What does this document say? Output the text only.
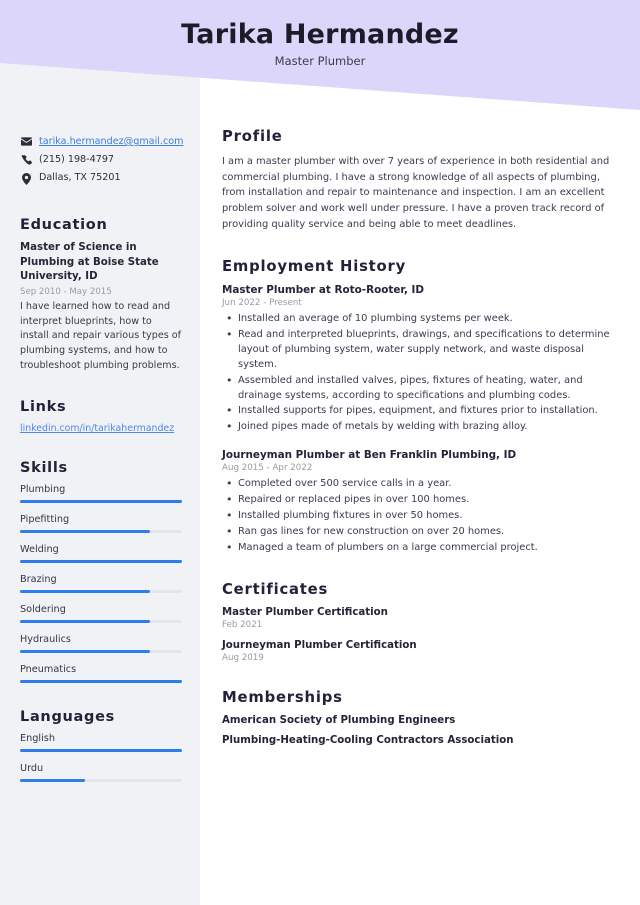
Tarika Hermandez
Master Plumber
tarika.hermandez@gmail.com
(215) 198-4797
Dallas, TX 75201
Education
Master of Science in Plumbing at Boise State University, ID
Sep 2010 - May 2015
I have learned how to read and interpret blueprints, how to install and repair various types of plumbing systems, and how to troubleshoot plumbing problems.
Links
linkedin.com/in/tarikahermandez
Skills
Plumbing
Pipefitting
Welding
Brazing
Soldering
Hydraulics
Pneumatics
Languages
English
Urdu
Profile
I am a master plumber with over 7 years of experience in both residential and commercial plumbing. I have a strong knowledge of all aspects of plumbing, from installation and repair to maintenance and inspection. I am an excellent problem solver and work well under pressure. I have a proven track record of providing quality service and being able to meet deadlines.
Employment History
Master Plumber at Roto-Rooter, ID
Jun 2022 - Present
• Installed an average of 10 plumbing systems per week.
• Read and interpreted blueprints, drawings, and specifications to determine layout of plumbing system, water supply network, and waste disposal system.
• Assembled and installed valves, pipes, fixtures of heating, water, and drainage systems, according to specifications and plumbing codes.
• Installed supports for pipes, equipment, and fixtures prior to installation.
• Joined pipes made of metals by welding with brazing alloy.
Journeyman Plumber at Ben Franklin Plumbing, ID
Aug 2015 - Apr 2022
• Completed over 500 service calls in a year.
• Repaired or replaced pipes in over 100 homes.
• Installed plumbing fixtures in over 50 homes.
• Ran gas lines for new construction on over 20 homes.
• Managed a team of plumbers on a large commercial project.
Certificates
Master Plumber Certification
Feb 2021
Journeyman Plumber Certification
Aug 2019
Memberships
American Society of Plumbing Engineers
Plumbing-Heating-Cooling Contractors Association
